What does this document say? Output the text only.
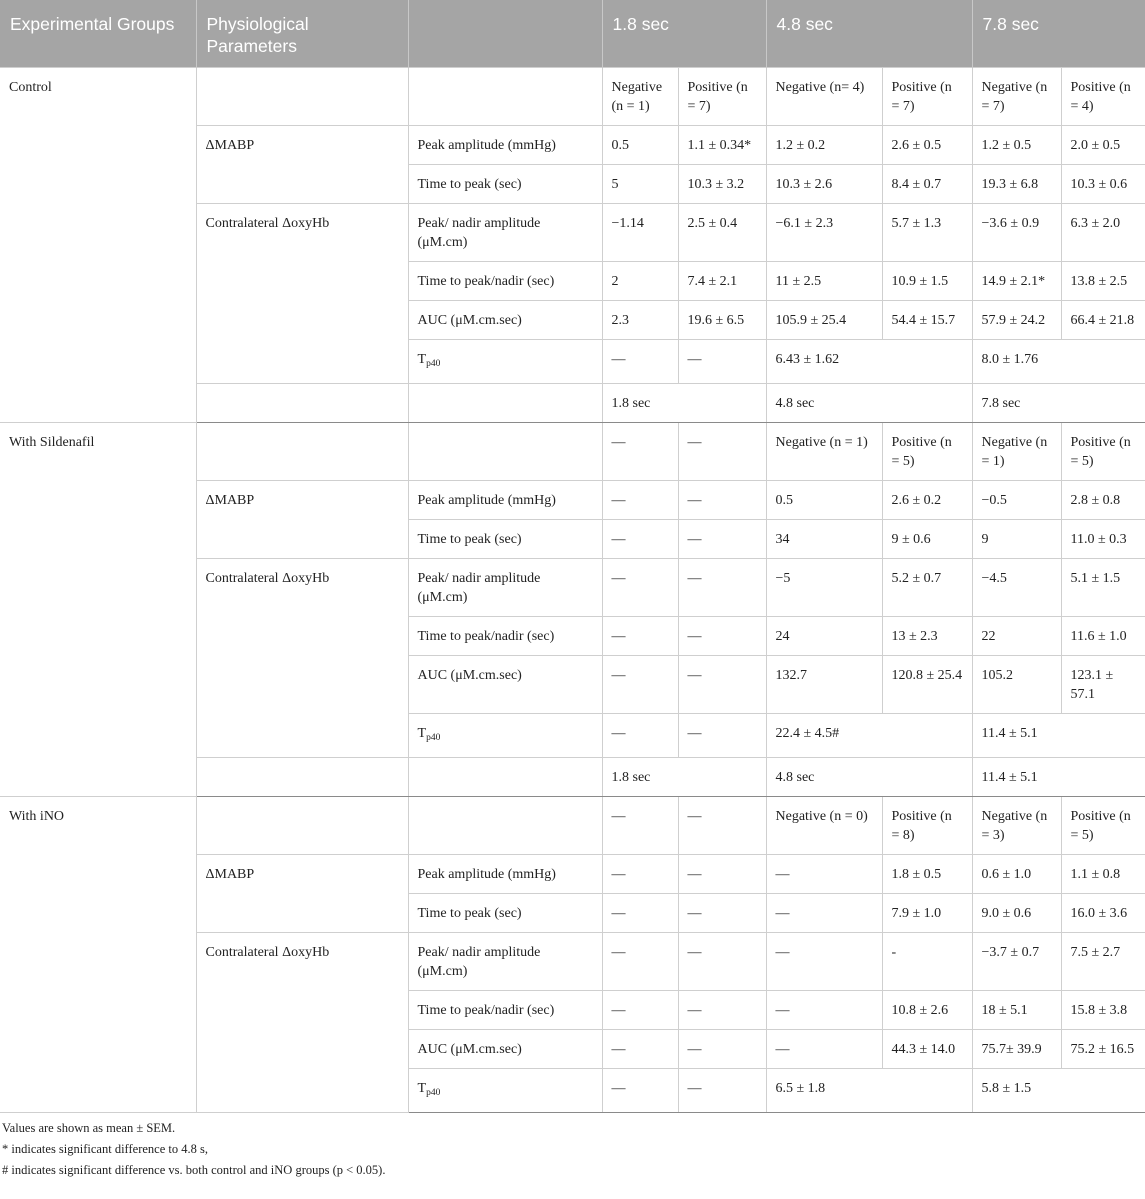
Experimental Groups	Physiological Parameters		1.8 sec		4.8 sec		7.8 sec	
Control			Negative (n = 1)	Positive (n = 7)	Negative (n= 4)	Positive (n = 7)	Negative (n = 7)	Positive (n = 4)
	ΔMABP	Peak amplitude (mmHg)	0.5	1.1 ± 0.34*	1.2 ± 0.2	2.6 ± 0.5	1.2 ± 0.5	2.0 ± 0.5
		Time to peak (sec)	5	10.3 ± 3.2	10.3 ± 2.6	8.4 ± 0.7	19.3 ± 6.8	10.3 ± 0.6
	Contralateral ΔoxyHb	Peak/ nadir amplitude (μM.cm)	−1.14	2.5 ± 0.4	−6.1 ± 2.3	5.7 ± 1.3	−3.6 ± 0.9	6.3 ± 2.0
		Time to peak/nadir (sec)	2	7.4 ± 2.1	11 ± 2.5	10.9 ± 1.5	14.9 ± 2.1*	13.8 ± 2.5
		AUC (μM.cm.sec)	2.3	19.6 ± 6.5	105.9 ± 25.4	54.4 ± 15.7	57.9 ± 24.2	66.4 ± 21.8
		$T_{p40}$	—	—	6.43 ± 1.62		8.0 ± 1.76	
			1.8 sec		4.8 sec		7.8 sec	
With Sildenafil			—	—	Negative (n = 1)	Positive (n = 5)	Negative (n = 1)	Positive (n = 5)
	ΔMABP	Peak amplitude (mmHg)	—	—	0.5	2.6 ± 0.2	−0.5	2.8 ± 0.8
		Time to peak (sec)	—	—	34	9 ± 0.6	9	11.0 ± 0.3
	Contralateral ΔoxyHb	Peak/ nadir amplitude (μM.cm)	—	—	−5	5.2 ± 0.7	−4.5	5.1 ± 1.5
		Time to peak/nadir (sec)	—	—	24	13 ± 2.3	22	11.6 ± 1.0
		AUC (μM.cm.sec)	—	—	132.7	120.8 ± 25.4	105.2	123.1 ± 57.1
		$T_{p40}$	—	—	22.4 ± 4.5#		11.4 ± 5.1	
			1.8 sec		4.8 sec		11.4 ± 5.1	
With iNO			—	—	Negative (n = 0)	Positive (n = 8)	Negative (n = 3)	Positive (n = 5)
	ΔMABP	Peak amplitude (mmHg)	—	—	—	1.8 ± 0.5	0.6 ± 1.0	1.1 ± 0.8
		Time to peak (sec)	—	—	—	7.9 ± 1.0	9.0 ± 0.6	16.0 ± 3.6
	Contralateral ΔoxyHb	Peak/ nadir amplitude (μM.cm)	—	—	—	-	−3.7 ± 0.7	7.5 ± 2.7
		Time to peak/nadir (sec)	—	—	—	10.8 ± 2.6	18 ± 5.1	15.8 ± 3.8
		AUC (μM.cm.sec)	—	—	—	44.3 ± 14.0	75.7± 39.9	75.2 ± 16.5
		$T_{p40}$	—	—	6.5 ± 1.8		5.8 ± 1.5	
Values are shown as mean ± SEM.
* indicates significant difference to 4.8 s,
# indicates significant difference vs. both control and iNO groups (p < 0.05).
